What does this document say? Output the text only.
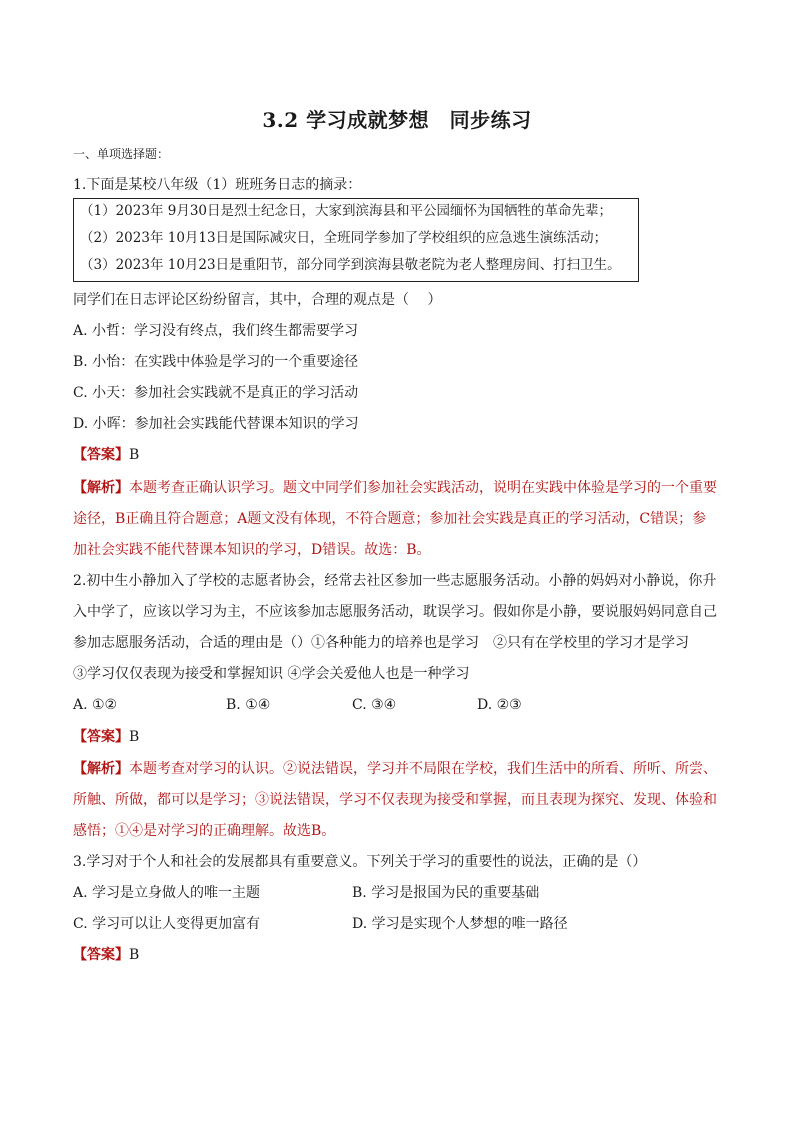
3.2 学习成就梦想　同步练习
一、单项选择题：
1.下面是某校八年级（1）班班务日志的摘录：
（1）2023年 9月30日是烈士纪念日，大家到滨海县和平公园缅怀为国牺牲的革命先辈；
（2）2023年 10月13日是国际减灾日，全班同学参加了学校组织的应急逃生演练活动；
（3）2023年 10月23日是重阳节，部分同学到滨海县敬老院为老人整理房间、打扫卫生。
同学们在日志评论区纷纷留言，其中，合理的观点是（　 ）
A. 小哲：学习没有终点，我们终生都需要学习
B. 小怡：在实践中体验是学习的一个重要途径
C. 小天：参加社会实践就不是真正的学习活动
D. 小晖：参加社会实践能代替课本知识的学习
【答案】B
【解析】本题考查正确认识学习。题文中同学们参加社会实践活动，说明在实践中体验是学习的一个重要
途径，B正确且符合题意；A题文没有体现，不符合题意；参加社会实践是真正的学习活动，C错误；参
加社会实践不能代替课本知识的学习，D错误。故选：B。
2.初中生小静加入了学校的志愿者协会，经常去社区参加一些志愿服务活动。小静的妈妈对小静说，你升
入中学了，应该以学习为主，不应该参加志愿服务活动，耽误学习。假如你是小静，要说服妈妈同意自己
参加志愿服务活动，合适的理由是（）①各种能力的培养也是学习　②只有在学校里的学习才是学习
③学习仅仅表现为接受和掌握知识 ④学会关爱他人也是一种学习
A. ①②	B. ①④	C. ③④	D. ②③
【答案】B
【解析】本题考查对学习的认识。②说法错误，学习并不局限在学校，我们生活中的所看、所听、所尝、
所触、所做，都可以是学习；③说法错误，学习不仅表现为接受和掌握，而且表现为探究、发现、体验和
感悟；①④是对学习的正确理解。故选B。
3.学习对于个人和社会的发展都具有重要意义。下列关于学习的重要性的说法，正确的是（）
A. 学习是立身做人的唯一主题	B. 学习是报国为民的重要基础
C. 学习可以让人变得更加富有	D. 学习是实现个人梦想的唯一路径
【答案】B
